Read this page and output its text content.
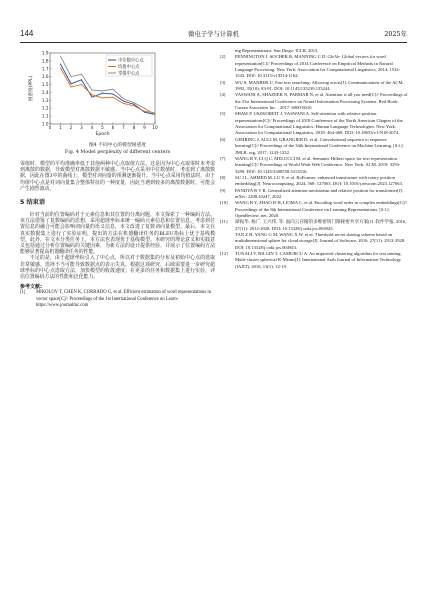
144	微电子学与计算机	2025年
1.0
1.1
1.2
1.3
1.4
1.5
1.6
1.7
1.8
1.9
0 1 2 3 4 5 6 7 8 9 10
Epoch
困惑度(PPL)
中位数中心点
均值中心点
零值中心点
图4 不同中心的模型困惑度
Fig. 4 Model perplexity of different centers

零值时，模型的平均准确率低于其他两种中心点取值方法。这是因为中心点取零时未考虑到离散的数据，导致模型对离散数据不敏感。当中心点采用中位数值时，考虑到了离散数据，因此在图3中的曲线上，模型对词向量的预测逐渐提升。当中心点采用均值法时，由于均值中心点是对词向量集合整体特征的一种度量，因此当遇到较多的离散数据时，可能会产生剧烈波动。

5 结束语

针对当前的位置编码对于元素信息和其位置的分离问题，本文探索了一种编码方法。该方法借鉴了复数编码的思想，采用超球坐标来统一编码元素信息和位置信息。考虑到位置信息的融合可能会影响词向量的语义信息，本文改进了复数词向量模型。最后，本文在真实数据集上进行了实验证明，提出的方法在机器翻译任务的BLEU指标上优于基线模型。此外，在文本分类任务上，本方法也表现优于基线模型。本研究的理论意义和实践意义包括通过分析位置编码的关键因素，为新方法的设计提供经验，并展示了位置编码方法能够显著提高机器翻译任务的性能。

不足的是，由于超球坐标引入了中心点，所以对于数据集的分布及初始中心点的选取非常敏感。选择不当可能导致数据点的表示失真。根据这项研究，后续需要进一步研究超球坐标的中心点选取方法，加快模型的收敛速度；在更多的任务和数据集上进行实验，评估位置编码方法的性能和泛化能力。

参考文献:

[1] MIKOLOV T, CHEN K, CORRADO G, et al. Efficient estimation of word representations in vector space[C]// Proceedings of the 1st International Conference on Learn- https://www.journalmc.com

ing Representations. San Diego: ICLR, 2013.

[2] PENNINGTON J, SOCHER R, MANNING C D. GloVe: Global vectors for word representation[C]// Proceedings of 2014 Conference on Empirical Methods in Natural Language Processing. New York: Association for Computational Linguistics, 2014: 1532-1543. DOI: 10.3115/v1/D14-1162.

[3] WU S, MANBER U. Fast text searching: Allowing errors[J]. Communications of the ACM, 1992, 35(10): 83-91. DOI: 10.1145/135239.135244.

[4] VASWANI A, SHAZEER N, PARMAR N, et al. Attention is all you need[C]// Proceedings of the 31st International Conference on Neural Information Processing Systems. Red Hook: Curran Associates Inc. , 2017: 6000-6010.

[5] SHAW P, USZKOREIT J, VASWANI A. Self-attention with relative position representations[C]// Proceedings of 2018 Conference of the North American Chapter of the Association for Computational Linguistics: Human Language Technologies. New York: Association for Computational Linguistics, 2018: 464-468. DOI: 10.18653/v1/N18-2074.

[6] GEHRING J, AULI M, GRANGIER D, et al. Convolutional sequence to sequence learning[C]// Proceedings of the 34th International Conference on Machine Learning. [S.l.]: JMLR. org, 2017: 1243-1252.

[7] WANG B Y, LI Q C, MELUCCI M, et al. Semantic Hilbert space for text representation learning[C]// Proceedings of World Wide Web Conference. New York: ACM, 2019: 3293-3299. DOI: 10.1145/3308558.3313516.

[8] SU J L, AHMED M, LU Y, et al. RoFormer: enhanced transformer with rotary position embedding[J]. Neurocomputing, 2024, 568: 127063. DOI: 10.1016/j.neucom.2023.127063.

[9] PANDYA R V R. Generalized attention mechanism and relative position for transformer[J]. arXiv: 2208.10247, 2022.

[10] WANG B Y, ZHAO D H, LIOMA C, et al. Encoding word order in complex embeddings[C]// Proceedings of the 8th International Conference on Learning Representations. [S.l.]: OpenReview. net, 2020.

[11] 谭振华, 杨广, 王兴伟, 等. 面向云存储的多维密钥门限秘密共享方案[J]. 软件学报, 2016, 27(11): 2912-2928. DOI: 10.13328/j.cnki.jos.004943.

TAN Z H, YANG G M, WANG X W, et al. Threshold secret sharing scheme based on multidimensional sphere for cloud storage[J]. Journal of Software, 2016, 27(11): 2912-2928. DOI: 10.13328/j.cnki.jos.004943.

[12] TUNALI V, BILGIN T, CAMURCU A. An improved clustering algorithm for text mining: Multi-cluster spherical K-Means[J]. International Arab Journal of Information Technology (IAJIT), 2016, 13(1): 12-19.
